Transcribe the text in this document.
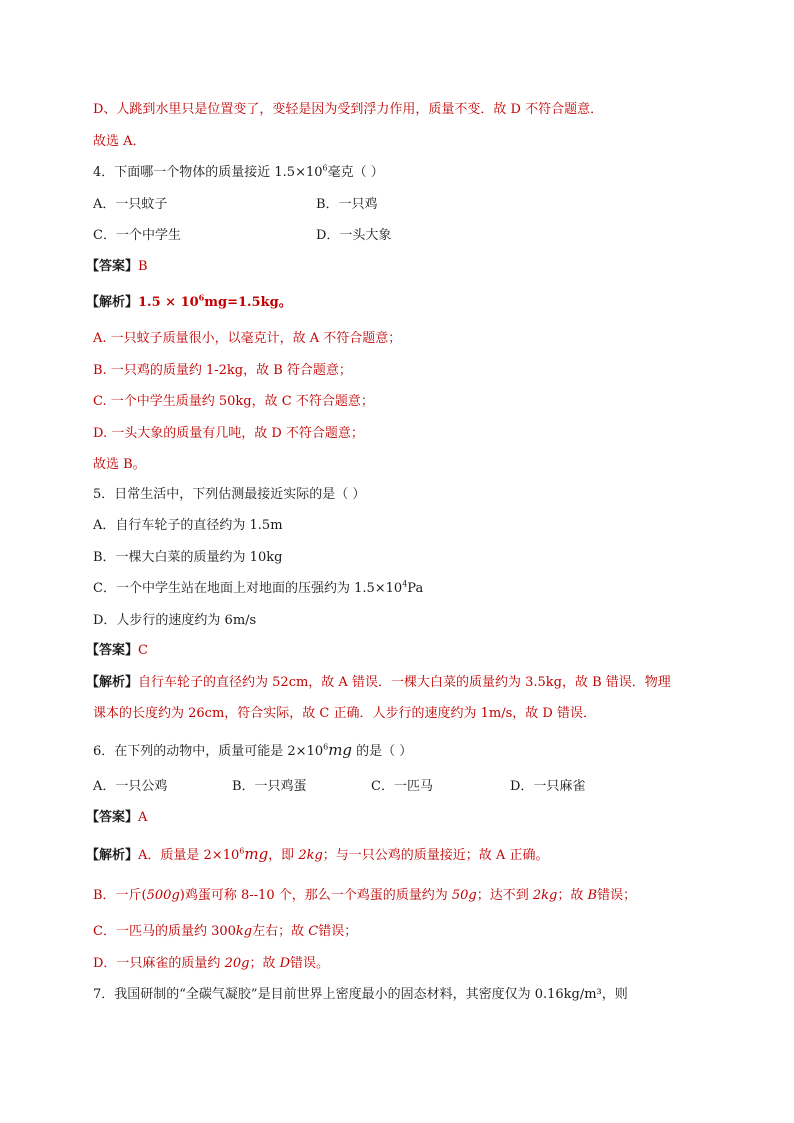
D、人跳到水里只是位置变了，变轻是因为受到浮力作用，质量不变．故 D 不符合题意．
故选 A．
4．下面哪一个物体的质量接近 $1.5\times 10^6$毫克（ ）
A．一只蚊子	B．一只鸡
C．一个中学生	D．一头大象
【答案】B
【解析】$1.5 \times 10^6mg=1.5kg$。
A. 一只蚊子质量很小，以毫克计，故 A 不符合题意；
B. 一只鸡的质量约 1-2kg，故 B 符合题意；
C. 一个中学生质量约 50kg，故 C 不符合题意；
D. 一头大象的质量有几吨，故 D 不符合题意；
故选 B。
5．日常生活中，下列估测最接近实际的是（ ）
A．自行车轮子的直径约为 1.5m
B．一棵大白菜的质量约为 10kg
C．一个中学生站在地面上对地面的压强约为 $1.5\times 10^4Pa$
D．人步行的速度约为 6m/s
【答案】C
【解析】自行车轮子的直径约为 52cm，故 A 错误．一棵大白菜的质量约为 3.5kg，故 B 错误．物理
课本的长度约为 26cm，符合实际，故 C 正确．人步行的速度约为 1m/s，故 D 错误．
6．在下列的动物中，质量可能是 $2\times 10^6mg$ 的是（ ）
A．一只公鸡	B．一只鸡蛋	C．一匹马	D．一只麻雀
【答案】A
【解析】A．质量是 $2\times 10^6mg$，即 2kg；与一只公鸡的质量接近；故 A 正确。
B．一斤(500g)鸡蛋可称 8--10 个，那么一个鸡蛋的质量约为 50g；达不到 2kg；故 B错误；
C．一匹马的质量约 300kg左右；故 C错误；
D．一只麻雀的质量约 20g；故 D错误。
7．我国研制的“全碳气凝胶”是目前世界上密度最小的固态材料，其密度仅为 0.16kg/m³，则
